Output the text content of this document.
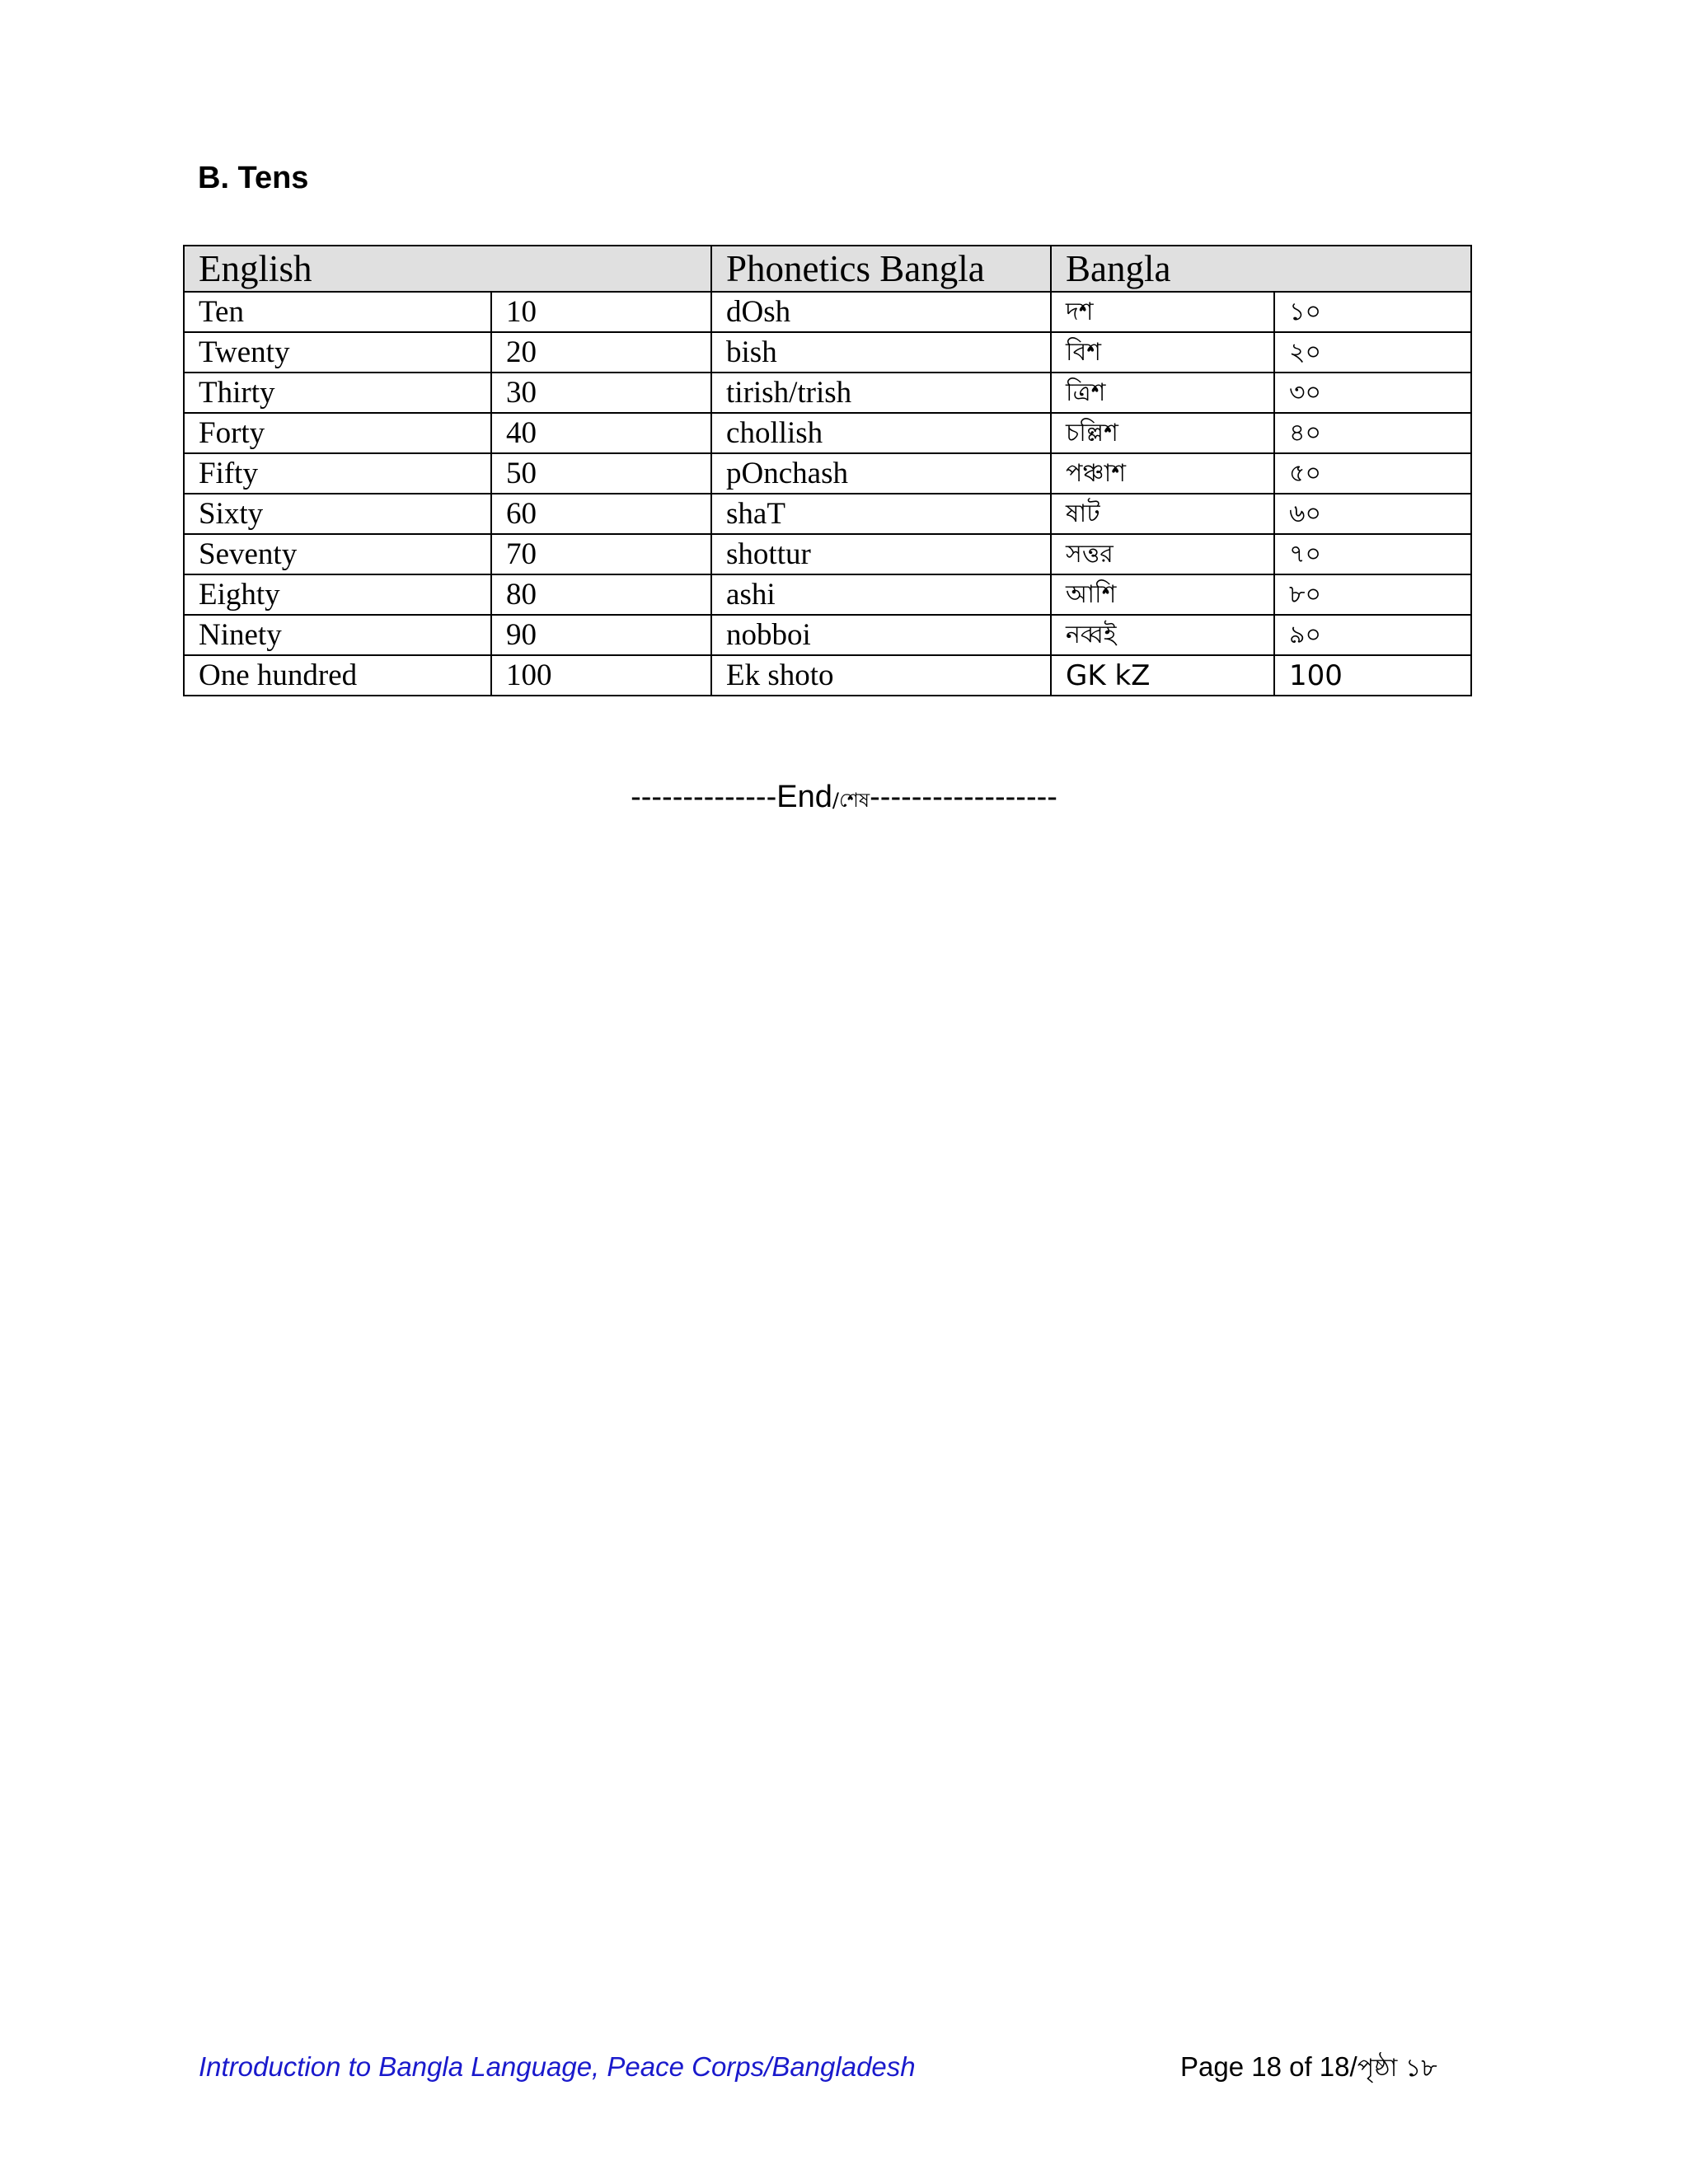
B. Tens
English		Phonetics Bangla	Bangla	
Ten	10	dOsh	দশ	১০
Twenty	20	bish	বিশ	২০
Thirty	30	tirish/trish	ত্রিশ	৩০
Forty	40	chollish	চল্লিশ	৪০
Fifty	50	pOnchash	পঞ্চাশ	৫০
Sixty	60	shaT	ষাট	৬০
Seventy	70	shottur	সত্তর	৭০
Eighty	80	ashi	আশি	৮০
Ninety	90	nobboi	নব্বই	৯০
One hundred	100	Ek shoto	GK kZ	100
--------------End/শেষ------------------
Introduction to Bangla Language, Peace Corps/Bangladesh	Page 18 of 18/পৃষ্ঠা ১৮
